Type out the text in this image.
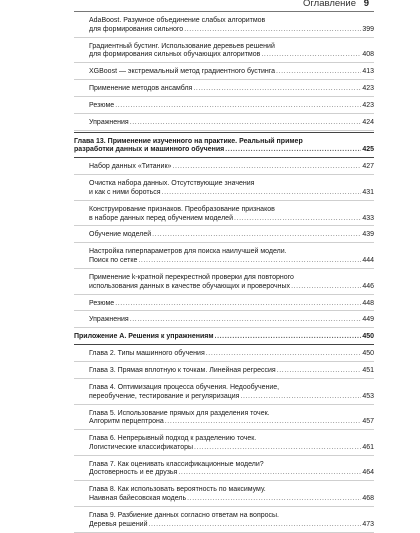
Оглавление 9
AdaBoost. Разумное объединение слабых алгоритмов
для формирования сильного .....	399
Градиентный бустинг. Использование деревьев решений
для формирования сильных обучающих алгоритмов .....	408
XGBoost — экстремальный метод градиентного бустинга .....	413
Применение методов ансамбля .....	423
Резюме .....	423
Упражнения .....	424
Глава 13. Применение изученного на практике. Реальный пример
разработки данных и машинного обучения .....	425
Набор данных «Титаник» .....	427
Очистка набора данных. Отсутствующие значения
и как с ними бороться .....	431
Конструирование признаков. Преобразование признаков
в наборе данных перед обучением моделей .....	433
Обучение моделей .....	439
Настройка гиперпараметров для поиска наилучшей модели.
Поиск по сетке .....	444
Применение k-кратной перекрестной проверки для повторного
использования данных в качестве обучающих и проверочных .....	446
Резюме .....	448
Упражнения .....	449
Приложение А. Решения к упражнениям .....	450
Глава 2. Типы машинного обучения .....	450
Глава 3. Прямая вплотную к точкам. Линейная регрессия .....	451
Глава 4. Оптимизация процесса обучения. Недообучение,
переобучение, тестирование и регуляризация .....	453
Глава 5. Использование прямых для разделения точек.
Алгоритм перцептрона .....	457
Глава 6. Непрерывный подход к разделению точек.
Логистические классификаторы .....	461
Глава 7. Как оценивать классификационные модели?
Достоверность и ее друзья .....	464
Глава 8. Как использовать вероятность по максимуму.
Наивная байесовская модель .....	468
Глава 9. Разбиение данных согласно ответам на вопросы.
Деревья решений .....	473
